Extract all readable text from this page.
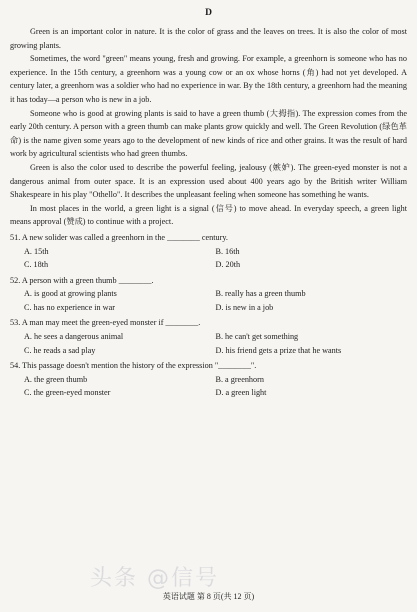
D

Green is an important color in nature. It is the color of grass and the leaves on trees. It is also the color of most growing plants.

Sometimes, the word "green" means young, fresh and growing. For example, a greenhorn is someone who has no experience. In the 15th century, a greenhorn was a young cow or an ox whose horns (角) had not yet developed. A century later, a greenhorn was a soldier who had no experience in war. By the 18th century, a greenhorn had the meaning it has today—a person who is new in a job.

Someone who is good at growing plants is said to have a green thumb (大拇指). The expression comes from the early 20th century. A person with a green thumb can make plants grow quickly and well. The Green Revolution (绿色革命) is the name given some years ago to the development of new kinds of rice and other grains. It was the result of hard work by agricultural scientists who had green thumbs.

Green is also the color used to describe the powerful feeling, jealousy (嫉妒). The green-eyed monster is not a dangerous animal from outer space. It is an expression used about 400 years ago by the British writer William Shakespeare in his play "Othello". It describes the unpleasant feeling when someone has something he wants.

In most places in the world, a green light is a signal (信号) to move ahead. In everyday speech, a green light means approval (赞成) to continue with a project.

51. A new solider was called a greenhorn in the ________ century.
A. 15th	B. 16th
C. 18th	D. 20th
52. A person with a green thumb ________.
A. is good at growing plants	B. really has a green thumb
C. has no experience in war	D. is new in a job
53. A man may meet the green-eyed monster if ________.
A. he sees a dangerous animal	B. he can't get something
C. he reads a sad play	D. his friend gets a prize that he wants
54. This passage doesn't mention the history of the expression "________".
A. the green thumb	B. a greenhorn
C. the green-eyed monster	D. a green light
头条 @信号
英语试题 第 8 页(共 12 页)
